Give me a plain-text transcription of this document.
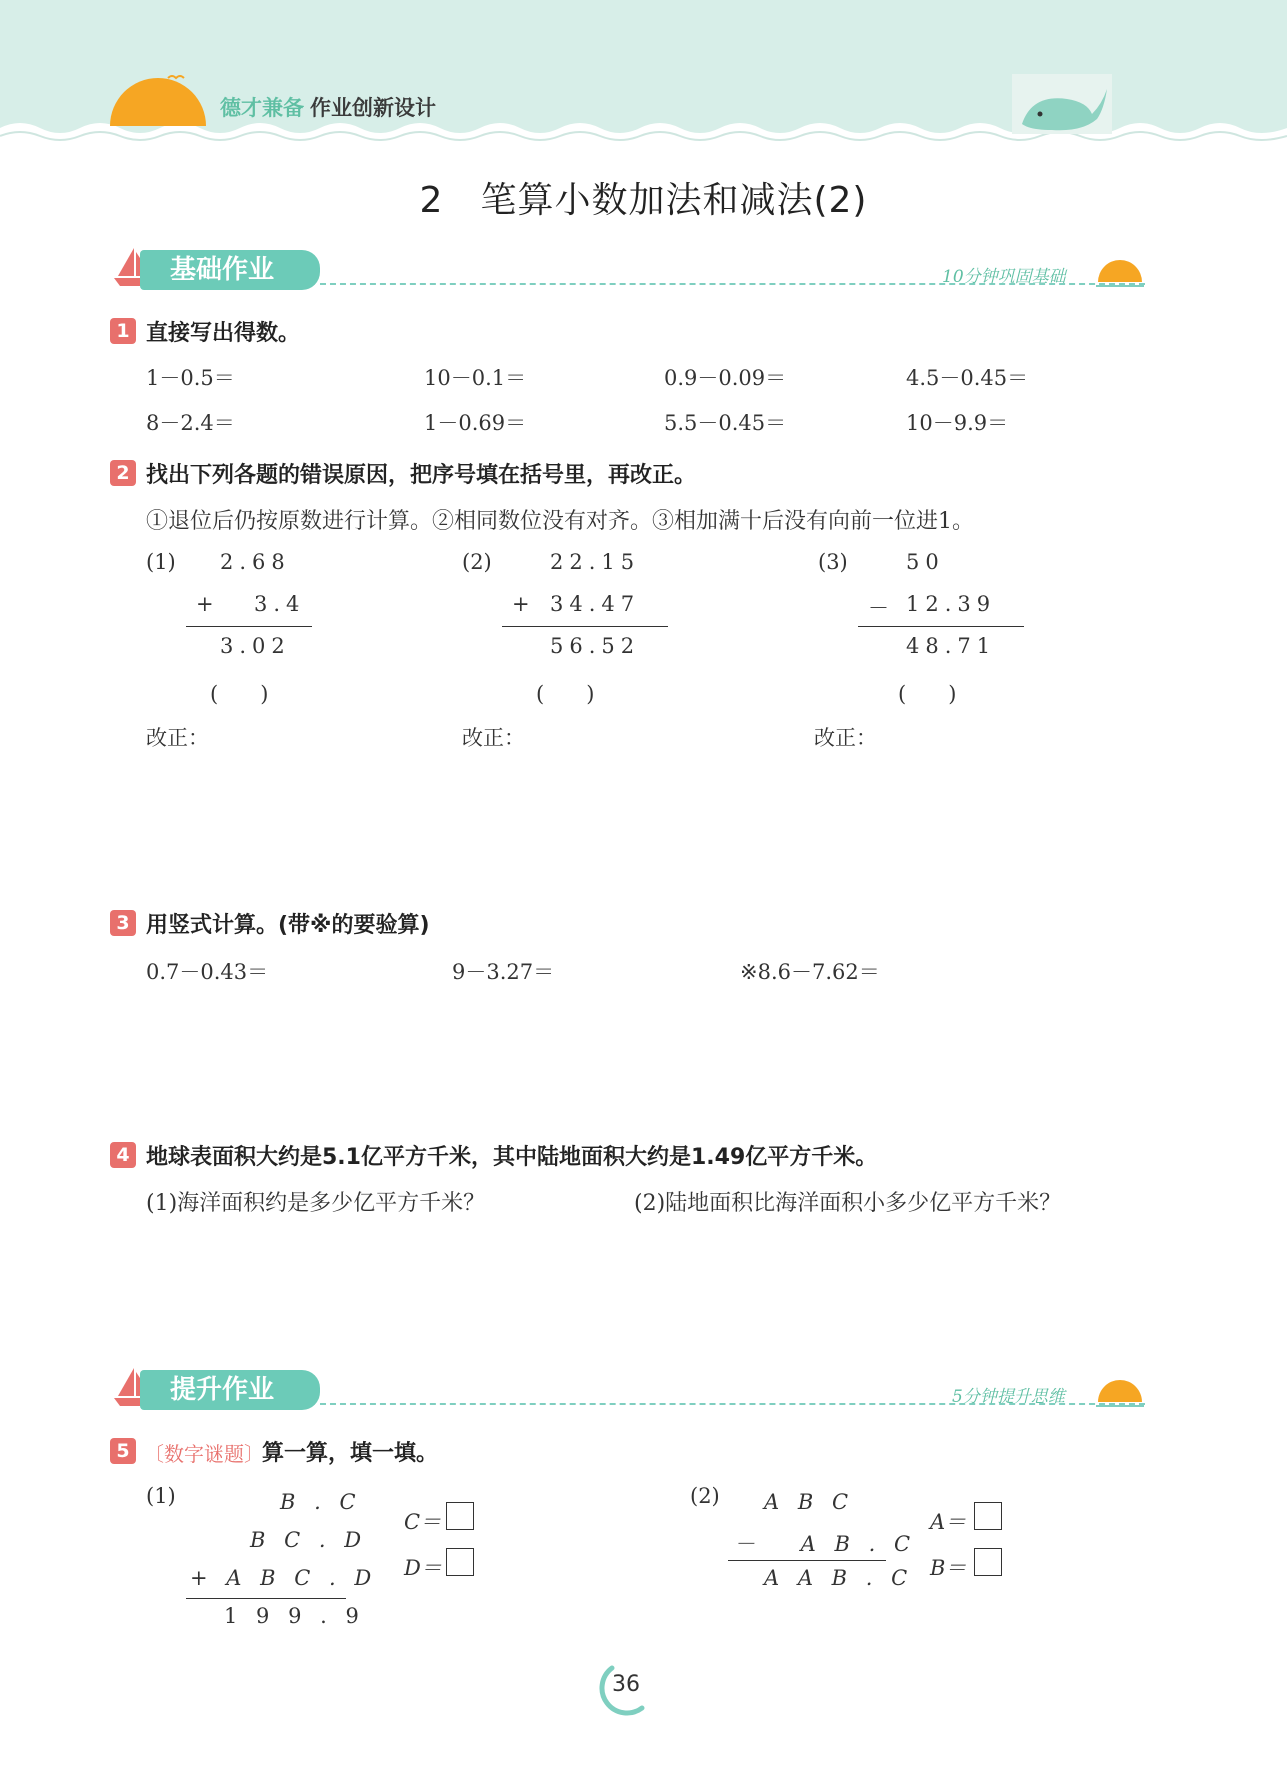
德才兼备 作业创新设计
2　笔算小数加法和减法(2)
基础作业	10分钟巩固基础
1 直接写出得数。
1－0.5＝	10－0.1＝	0.9－0.09＝	4.5－0.45＝
8－2.4＝	1－0.69＝	5.5－0.45＝	10－9.9＝
2 找出下列各题的错误原因，把序号填在括号里，再改正。
①退位后仍按原数进行计算。②相同数位没有对齐。③相加满十后没有向前一位进1。
(1) 2.68
+ 3.4
3.02
(　　)
改正：
(2)	22.15
+ 34.47
56.52
(　　)
改正：
(3)	50
－ 12.39
48.71
(　　)
改正：
3 用竖式计算。(带※的要验算)
0.7－0.43＝	9－3.27＝	※8.6－7.62＝
4 地球表面积大约是5.1亿平方千米，其中陆地面积大约是1.49亿平方千米。
(1)海洋面积约是多少亿平方千米？	(2)陆地面积比海洋面积小多少亿平方千米？
提升作业	5分钟提升思维
5 〔数字谜题〕
算一算，填一填。
(1)	B . C
B C . D
+ A B C . D
1 9 9 . 9
C＝
D＝
(2) A B C
－　 A B . C
A A B . C
A＝
B＝
36
